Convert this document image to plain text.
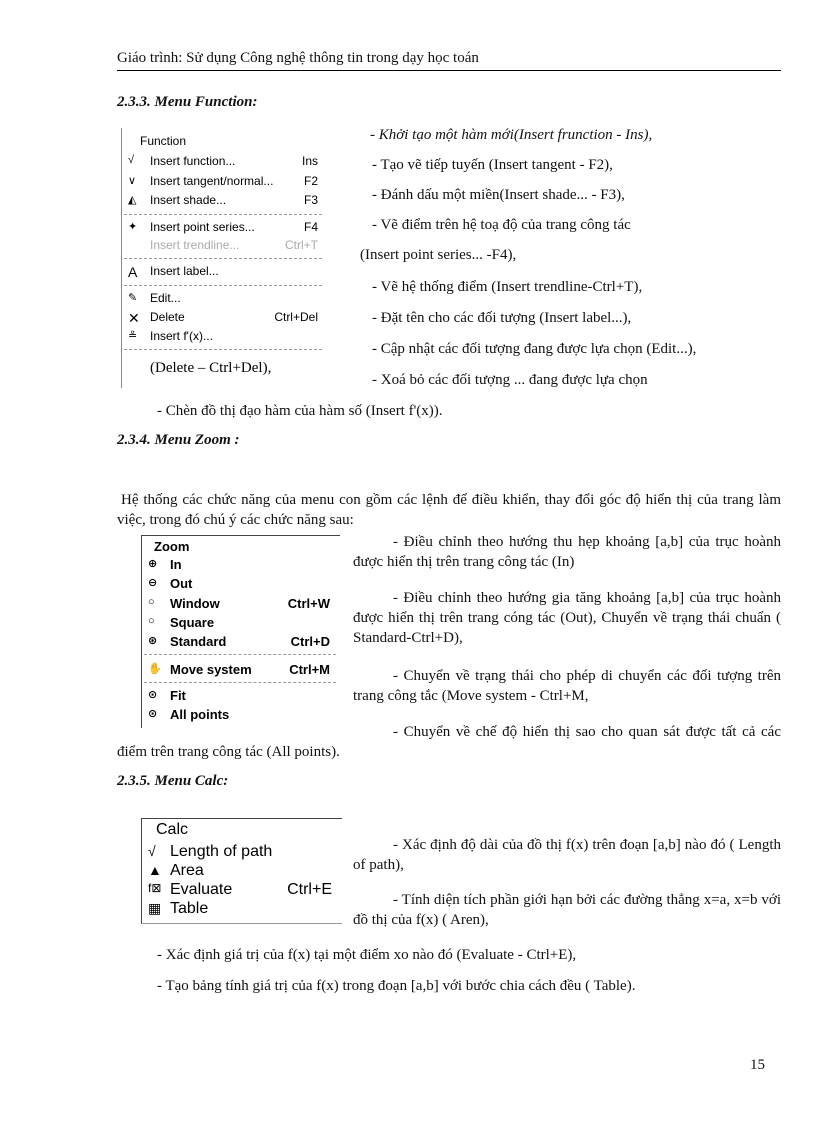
Giáo trình: Sử dụng Công nghệ thông tin trong dạy học toán
2.3.3. Menu Function:
Function
√ Insert function...	Ins
∨ Insert tangent/normal...	F2
◭ Insert shade...	F3
✦ Insert point series...	F4
Insert trendline...	Ctrl+T
A Insert label...
✎ Edit...
✕ Delete	Ctrl+Del
≗ Insert f'(x)...
(Delete – Ctrl+Del),
- Khởi tạo một hàm mới(Insert frunction - Ins),
- Tạo vẽ tiếp tuyến (Insert tangent - F2),
- Đánh dấu một miền(Insert shade... - F3),
- Vẽ điểm trên hệ toạ độ của trang công tác
(Insert point series... -F4),
- Vẽ hệ thống điểm (Insert trendline-Ctrl+T),
- Đặt tên cho các đối tượng (Insert label...),
- Cập nhật các đối tượng đang được lựa chọn (Edit...),
- Xoá bỏ các đối tượng ... đang được lựa chọn
- Chèn đồ thị đạo hàm của hàm số (Insert f'(x)).
2.3.4. Menu Zoom :
Hệ thống các chức năng của menu con gồm các lệnh để điều khiển, thay đổi góc độ hiển thị của trang làm việc, trong đó chú ý các chức năng sau:
Zoom
⊕ In
⊖ Out
○ Window	Ctrl+W
○ Square
⊛ Standard	Ctrl+D
✋ Move system	Ctrl+M
⊙ Fit
⊙ All points
- Điều chỉnh theo hướng thu hẹp khoảng [a,b] của trục hoành được hiển thị trên trang công tác (In)
- Điều chỉnh theo hướng gia tăng khoảng [a,b] của trục hoành được hiển thị trên trang cóng tác (Out), Chuyển về trạng thái chuẩn ( Standard-Ctrl+D),
- Chuyển về trạng thái cho phép di chuyển các đối tượng trên trang công tắc (Move system - Ctrl+M,
- Chuyển về chế độ hiển thị sao cho quan sát được tất cả các điểm trên trang công tác (All points).
2.3.5. Menu Calc:
Calc
√ Length of path
▲ Area
f⊠ Evaluate	Ctrl+E
▦ Table
- Xác định độ dài của đồ thị f(x) trên đoạn [a,b] nào đó ( Length of path),
- Tính diện tích phần giới hạn bởi các đường thẳng x=a, x=b với đồ thị của f(x) ( Aren),
- Xác định giá trị của f(x) tại một điểm xo nào đó (Evaluate - Ctrl+E),
- Tạo bảng tính giá trị của f(x) trong đoạn [a,b] với bước chia cách đều ( Table).
15
